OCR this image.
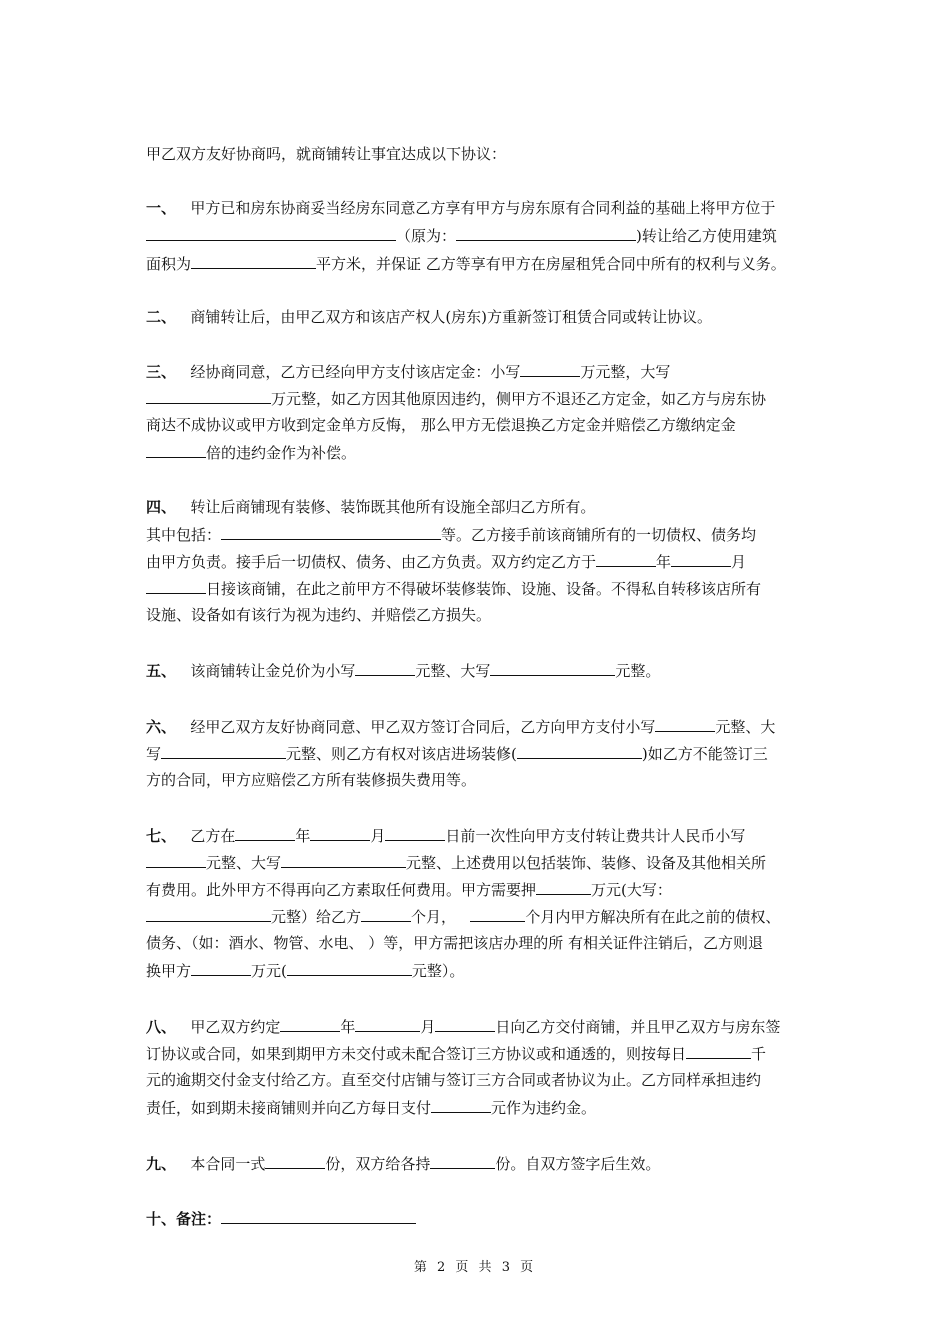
甲乙双方友好协商吗，就商铺转让事宜达成以下协议：
一、 甲方已和房东协商妥当经房东同意乙方享有甲方与房东原有合同利益的基础上将甲方位于
（原为：	)转让给乙方使用建筑
面积为	平方米，并保证 乙方等享有甲方在房屋租凭合同中所有的权利与义务。
二、 商铺转让后，由甲乙双方和该店产权人(房东)方重新签订租赁合同或转让协议。
三、 经协商同意，乙方已经向甲方支付该店定金：小写	万元整，大写
万元整，如乙方因其他原因违约，侧甲方不退还乙方定金，如乙方与房东协
商达不成协议或甲方收到定金单方反悔， 那么甲方无偿退换乙方定金并赔偿乙方缴纳定金
倍的违约金作为补偿。
四、 转让后商铺现有装修、装饰既其他所有设施全部归乙方所有。
其中包括：	等。乙方接手前该商铺所有的一切债权、债务均
由甲方负责。接手后一切债权、债务、由乙方负责。双方约定乙方于	年	月
日接该商铺，在此之前甲方不得破坏装修装饰、设施、设备。不得私自转移该店所有
设施、设备如有该行为视为违约、并赔偿乙方损失。
五、 该商铺转让金兑价为小写	元整、大写	元整。
六、 经甲乙双方友好协商同意、甲乙双方签订合同后，乙方向甲方支付小写	元整、大
写	元整、则乙方有权对该店进场装修(	)如乙方不能签订三
方的合同，甲方应赔偿乙方所有装修损失费用等。
七、 乙方在	年	月	日前一次性向甲方支付转让费共计人民币小写
元整、大写	元整、上述费用以包括装饰、装修、设备及其他相关所
有费用。此外甲方不得再向乙方素取任何费用。甲方需要押	万元(大写：
元整）给乙方	个月，	个月内甲方解决所有在此之前的债权、
债务、（如：酒水、物管、水电、 ）等，甲方需把该店办理的所 有相关证件注销后，乙方则退
换甲方	万元(	元整）。
八、 甲乙双方约定	年	月	日向乙方交付商铺，并且甲乙双方与房东签
订协议或合同，如果到期甲方未交付或未配合签订三方协议或和通透的，则按每日	千
元的逾期交付金支付给乙方。直至交付店铺与签订三方合同或者协议为止。乙方同样承担违约
责任，如到期未接商铺则并向乙方每日支付	元作为违约金。
九、 本合同一式	份，双方给各持	份。自双方签字后生效。
十、备注：
第 2 页 共 3 页
